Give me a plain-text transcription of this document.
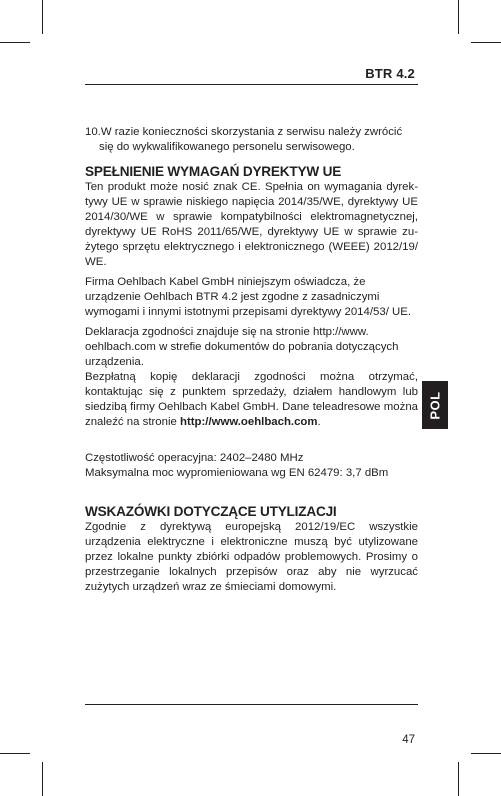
BTR 4.2
10.W razie konieczności skorzystania z serwisu należy zwrócić się do wykwalifikowanego personelu serwisowego.
SPEŁNIENIE WYMAGAŃ DYREKTYW UE

Ten produkt może nosić znak CE. Spełnia on wymagania dyrektywy UE w sprawie niskiego napięcia 2014/35/WE, dyrektywy UE 2014/30/WE w sprawie kompatybilności elektromagnetycznej, dyrektywy UE RoHS 2011/65/WE, dyrektywy UE w sprawie zużytego sprzętu elektrycznego i elektronicznego (WEEE) 2012/19/ WE.

Firma Oehlbach Kabel GmbH niniejszym oświadcza, że urządzenie Oehlbach BTR 4.2 jest zgodne z zasadniczymi wymogami i innymi istotnymi przepisami dyrektywy 2014/53/ UE.

Deklaracja zgodności znajduje się na stronie http://www. oehlbach.com w strefie dokumentów do pobrania dotyczących urządzenia.

Bezpłatną kopię deklaracji zgodności można otrzymać, kontaktując się z punktem sprzedaży, działem handlowym lub siedzibą firmy Oehlbach Kabel GmbH. Dane teleadresowe można znaleźć na stronie http://www.oehlbach.com.

Częstotliwość operacyjna: 2402–2480 MHz

Maksymalna moc wypromieniowana wg EN 62479: 3,7 dBm

WSKAZÓWKI DOTYCZĄCE UTYLIZACJI

Zgodnie z dyrektywą europejską 2012/19/EC wszystkie urządzenia elektryczne i elektroniczne muszą być utylizowane przez lokalne punkty zbiórki odpadów problemowych. Prosimy o przestrzeganie lokalnych przepisów oraz aby nie wyrzucać zużytych urządzeń wraz ze śmieciami domowymi.

POL
47
